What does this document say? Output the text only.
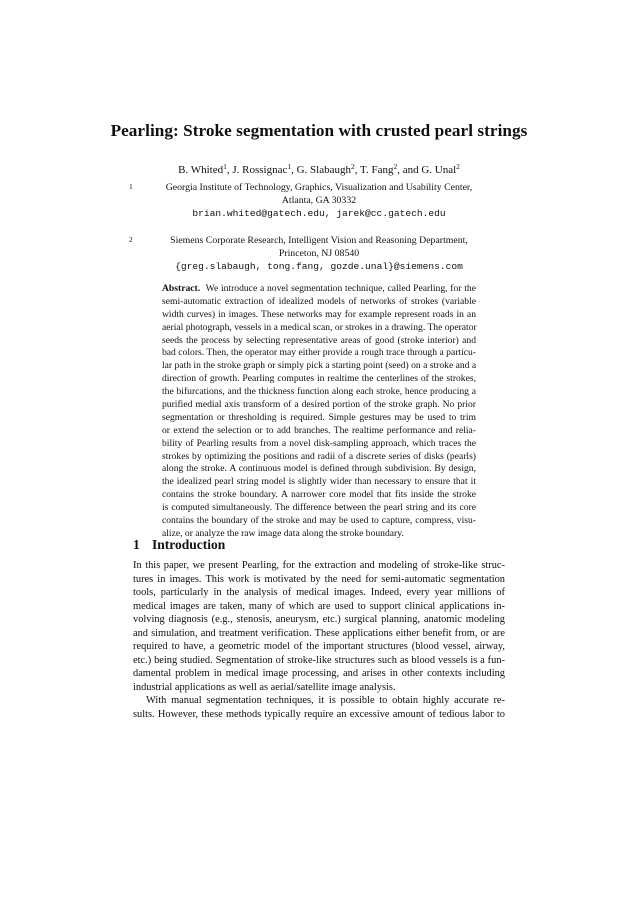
Pearling: Stroke segmentation with crusted pearl strings
B. Whited$^1$, J. Rossignac$^1$, G. Slabaugh$^2$, T. Fang$^2$, and G. Unal$^2$
1	Georgia Institute of Technology, Graphics, Visualization and Usability Center,
Atlanta, GA 30332
brian.whited@gatech.edu, jarek@cc.gatech.edu
2	Siemens Corporate Research, Intelligent Vision and Reasoning Department,
Princeton, NJ 08540
{greg.slabaugh, tong.fang, gozde.unal}@siemens.com
Abstract. We introduce a novel segmentation technique, called Pearling, for the
semi-automatic extraction of idealized models of networks of strokes (variable
width curves) in images. These networks may for example represent roads in an
aerial photograph, vessels in a medical scan, or strokes in a drawing. The operator
seeds the process by selecting representative areas of good (stroke interior) and
bad colors. Then, the operator may either provide a rough trace through a particu-
lar path in the stroke graph or simply pick a starting point (seed) on a stroke and a
direction of growth. Pearling computes in realtime the centerlines of the strokes,
the bifurcations, and the thickness function along each stroke, hence producing a
purified medial axis transform of a desired portion of the stroke graph. No prior
segmentation or thresholding is required. Simple gestures may be used to trim
or extend the selection or to add branches. The realtime performance and relia-
bility of Pearling results from a novel disk-sampling approach, which traces the
strokes by optimizing the positions and radii of a discrete series of disks (pearls)
along the stroke. A continuous model is defined through subdivision. By design,
the idealized pearl string model is slightly wider than necessary to ensure that it
contains the stroke boundary. A narrower core model that fits inside the stroke
is computed simultaneously. The difference between the pearl string and its core
contains the boundary of the stroke and may be used to capture, compress, visu-
alize, or analyze the raw image data along the stroke boundary.
1 Introduction
In this paper, we present Pearling, for the extraction and modeling of stroke-like struc-
tures in images. This work is motivated by the need for semi-automatic segmentation
tools, particularly in the analysis of medical images. Indeed, every year millions of
medical images are taken, many of which are used to support clinical applications in-
volving diagnosis (e.g., stenosis, aneurysm, etc.) surgical planning, anatomic modeling
and simulation, and treatment verification. These applications either benefit from, or are
required to have, a geometric model of the important structures (blood vessel, airway,
etc.) being studied. Segmentation of stroke-like structures such as blood vessels is a fun-
damental problem in medical image processing, and arises in other contexts including
industrial applications as well as aerial/satellite image analysis.
With manual segmentation techniques, it is possible to obtain highly accurate re-
sults. However, these methods typically require an excessive amount of tedious labor to
